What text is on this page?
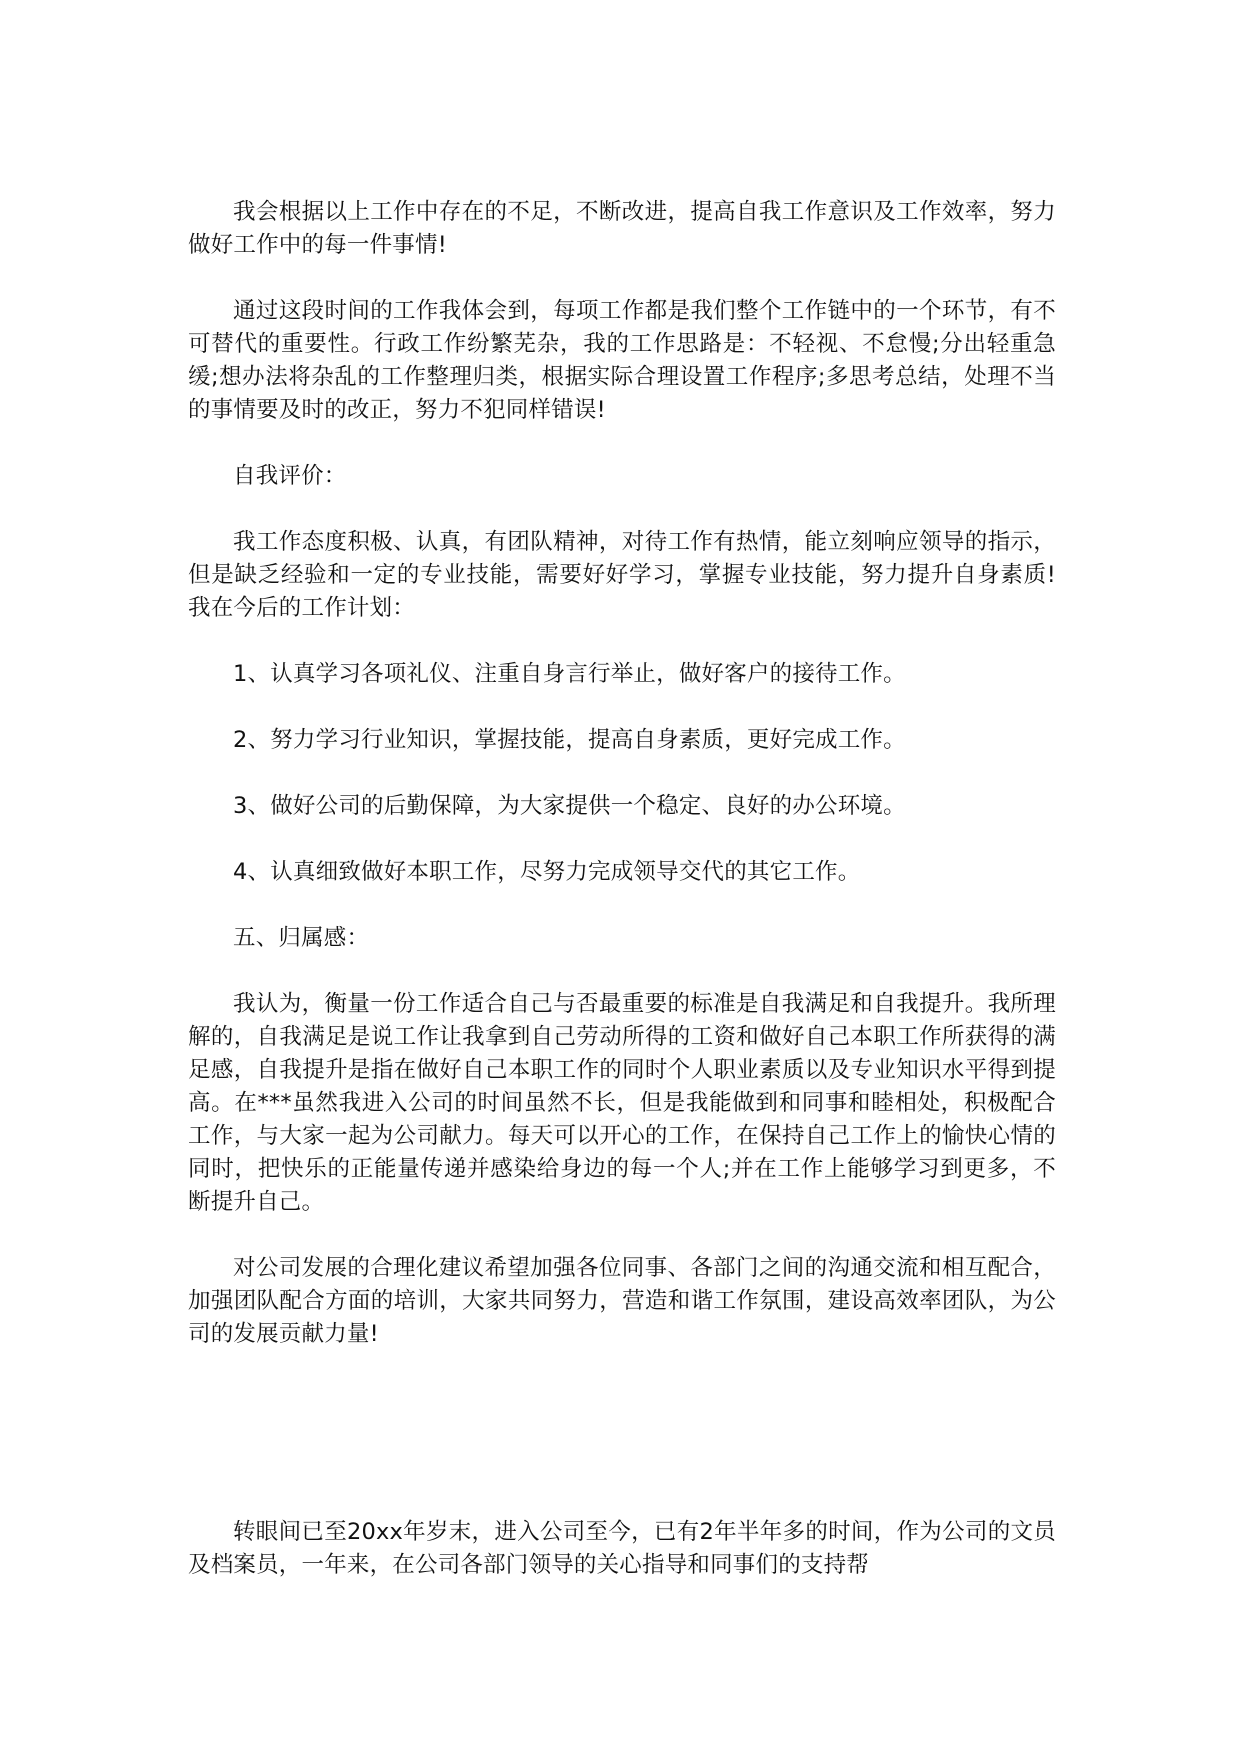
我会根据以上工作中存在的不足，不断改进，提高自我工作意识及工作效率，努力做好工作中的每一件事情!

通过这段时间的工作我体会到，每项工作都是我们整个工作链中的一个环节，有不可替代的重要性。行政工作纷繁芜杂，我的工作思路是：不轻视、不怠慢;分出轻重急缓;想办法将杂乱的工作整理归类，根据实际合理设置工作程序;多思考总结，处理不当的事情要及时的改正，努力不犯同样错误!

自我评价：

我工作态度积极、认真，有团队精神，对待工作有热情，能立刻响应领导的指示，但是缺乏经验和一定的专业技能，需要好好学习，掌握专业技能，努力提升自身素质!我在今后的工作计划：

1、认真学习各项礼仪、注重自身言行举止，做好客户的接待工作。

2、努力学习行业知识，掌握技能，提高自身素质，更好完成工作。

3、做好公司的后勤保障，为大家提供一个稳定、良好的办公环境。

4、认真细致做好本职工作，尽努力完成领导交代的其它工作。

五、归属感：

我认为，衡量一份工作适合自己与否最重要的标准是自我满足和自我提升。我所理解的，自我满足是说工作让我拿到自己劳动所得的工资和做好自己本职工作所获得的满足感，自我提升是指在做好自己本职工作的同时个人职业素质以及专业知识水平得到提高。在***虽然我进入公司的时间虽然不长，但是我能做到和同事和睦相处，积极配合工作，与大家一起为公司献力。每天可以开心的工作，在保持自己工作上的愉快心情的同时，把快乐的正能量传递并感染给身边的每一个人;并在工作上能够学习到更多，不断提升自己。

对公司发展的合理化建议希望加强各位同事、各部门之间的沟通交流和相互配合，加强团队配合方面的培训，大家共同努力，营造和谐工作氛围，建设高效率团队，为公司的发展贡献力量!

转眼间已至20xx年岁末，进入公司至今，已有2年半年多的时间，作为公司的文员及档案员，一年来，在公司各部门领导的关心指导和同事们的支持帮
